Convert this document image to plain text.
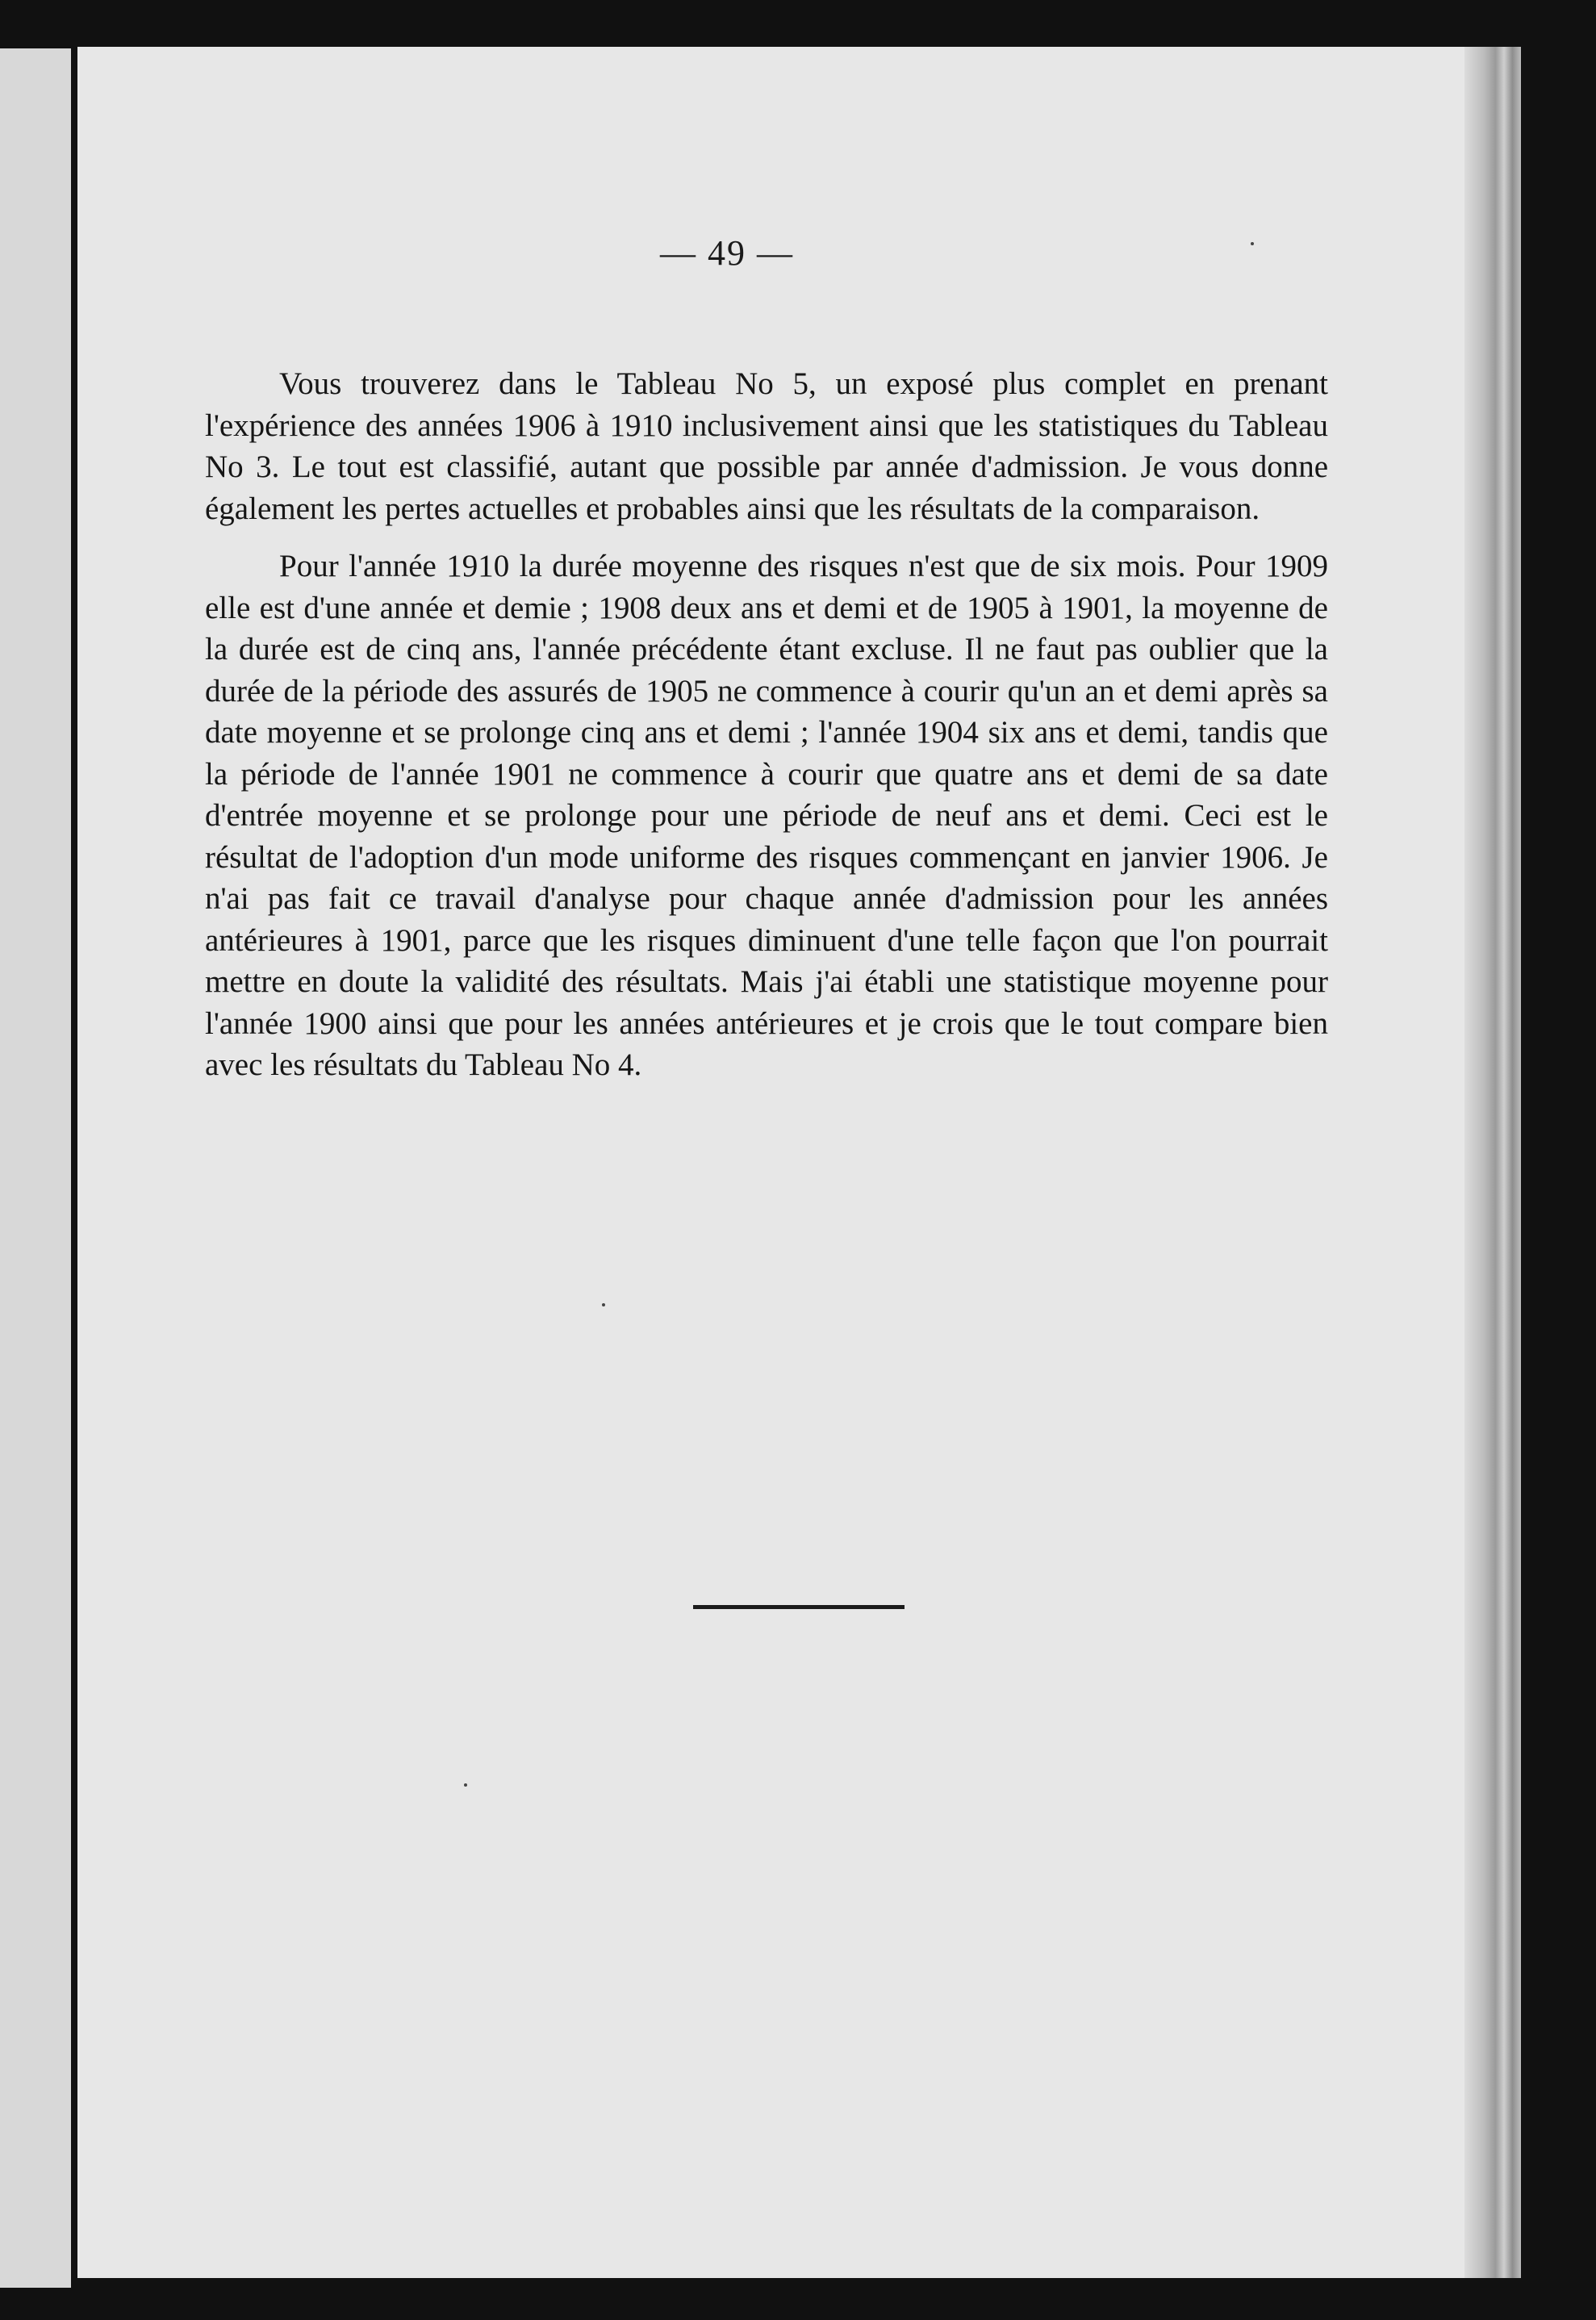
— 49 —

Vous trouverez dans le Tableau No 5, un exposé plus complet en prenant l'expérience des années 1906 à 1910 inclusivement ainsi que les statistiques du Tableau No 3. Le tout est classifié, autant que possible par année d'admission. Je vous donne également les pertes actuelles et probables ainsi que les résultats de la comparaison.

Pour l'année 1910 la durée moyenne des risques n'est que de six mois. Pour 1909 elle est d'une année et demie ; 1908 deux ans et demi et de 1905 à 1901, la moyenne de la durée est de cinq ans, l'année précédente étant exclusе. Il ne faut pas oublier que la durée de la période des assurés de 1905 ne commence à courir qu'un an et demi après sa date moyenne et se prolonge cinq ans et demi ; l'année 1904 six ans et demi, tandis que la période de l'année 1901 ne commence à courir que quatre ans et demi de sa date d'entrée moyenne et se prolonge pour une période de neuf ans et demi. Ceci est le résultat de l'adoption d'un mode uniforme des risques commençant en janvier 1906. Je n'ai pas fait ce travail d'analyse pour chaque année d'admission pour les années antérieures à 1901, parce que les risques diminuent d'une telle façon que l'on pourrait mettre en doute la validité des résultats. Mais j'ai établi une statistique moyenne pour l'année 1900 ainsi que pour les années antérieures et je crois que le tout compare bien avec les résultats du Tableau No 4.
